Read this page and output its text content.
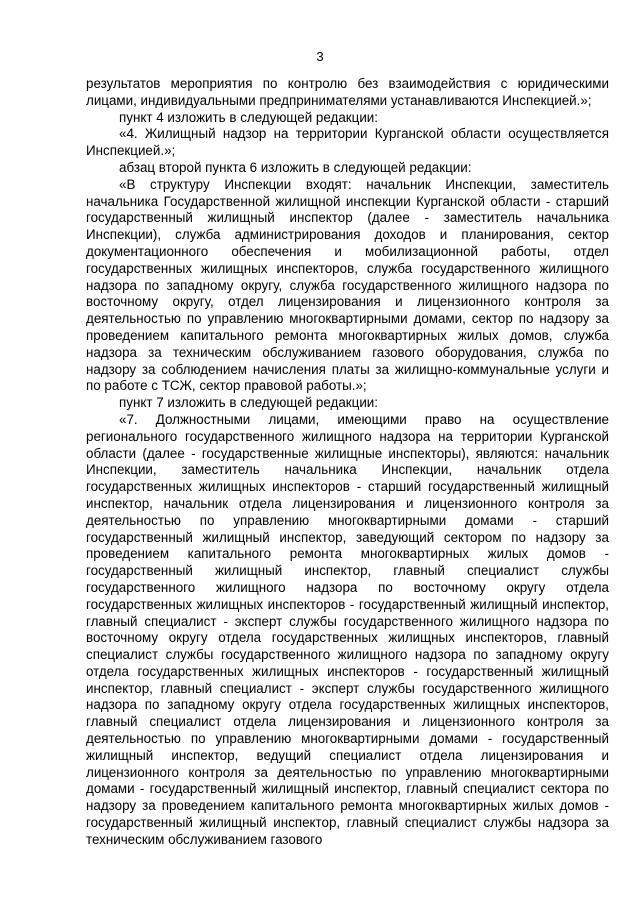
3

результатов мероприятия по контролю без взаимодействия с юридическими лицами, индивидуальными предпринимателями устанавливаются Инспекцией.»;

пункт 4 изложить в следующей редакции:

«4. Жилищный надзор на территории Курганской области осуществляется Инспекцией.»;

абзац второй пункта 6 изложить в следующей редакции:

«В структуру Инспекции входят: начальник Инспекции, заместитель начальника Государственной жилищной инспекции Курганской области - старший государственный жилищный инспектор (далее - заместитель начальника Инспекции), служба администрирования доходов и планирования, сектор документационного обеспечения и мобилизационной работы, отдел государственных жилищных инспекторов, служба государственного жилищного надзора по западному округу, служба государственного жилищного надзора по восточному округу, отдел лицензирования и лицензионного контроля за деятельностью по управлению многоквартирными домами, сектор по надзору за проведением капитального ремонта многоквартирных жилых домов, служба надзора за техническим обслуживанием газового оборудования, служба по надзору за соблюдением начисления платы за жилищно-коммунальные услуги и по работе с ТСЖ, сектор правовой работы.»;

пункт 7 изложить в следующей редакции:

«7. Должностными лицами, имеющими право на осуществление регионального государственного жилищного надзора на территории Курганской области (далее - государственные жилищные инспекторы), являются: начальник Инспекции, заместитель начальника Инспекции, начальник отдела государственных жилищных инспекторов - старший государственный жилищный инспектор, начальник отдела лицензирования и лицензионного контроля за деятельностью по управлению многоквартирными домами - старший государственный жилищный инспектор, заведующий сектором по надзору за проведением капитального ремонта многоквартирных жилых домов - государственный жилищный инспектор, главный специалист службы государственного жилищного надзора по восточному округу отдела государственных жилищных инспекторов - государственный жилищный инспектор, главный специалист - эксперт службы государственного жилищного надзора по восточному округу отдела государственных жилищных инспекторов, главный специалист службы государственного жилищного надзора по западному округу отдела государственных жилищных инспекторов - государственный жилищный инспектор, главный специалист - эксперт службы государственного жилищного надзора по западному округу отдела государственных жилищных инспекторов, главный специалист отдела лицензирования и лицензионного контроля за деятельностью по управлению многоквартирными домами - государственный жилищный инспектор, ведущий специалист отдела лицензирования и лицензионного контроля за деятельностью по управлению многоквартирными домами - государственный жилищный инспектор, главный специалист сектора по надзору за проведением капитального ремонта многоквартирных жилых домов - государственный жилищный инспектор, главный специалист службы надзора за техническим обслуживанием газового
